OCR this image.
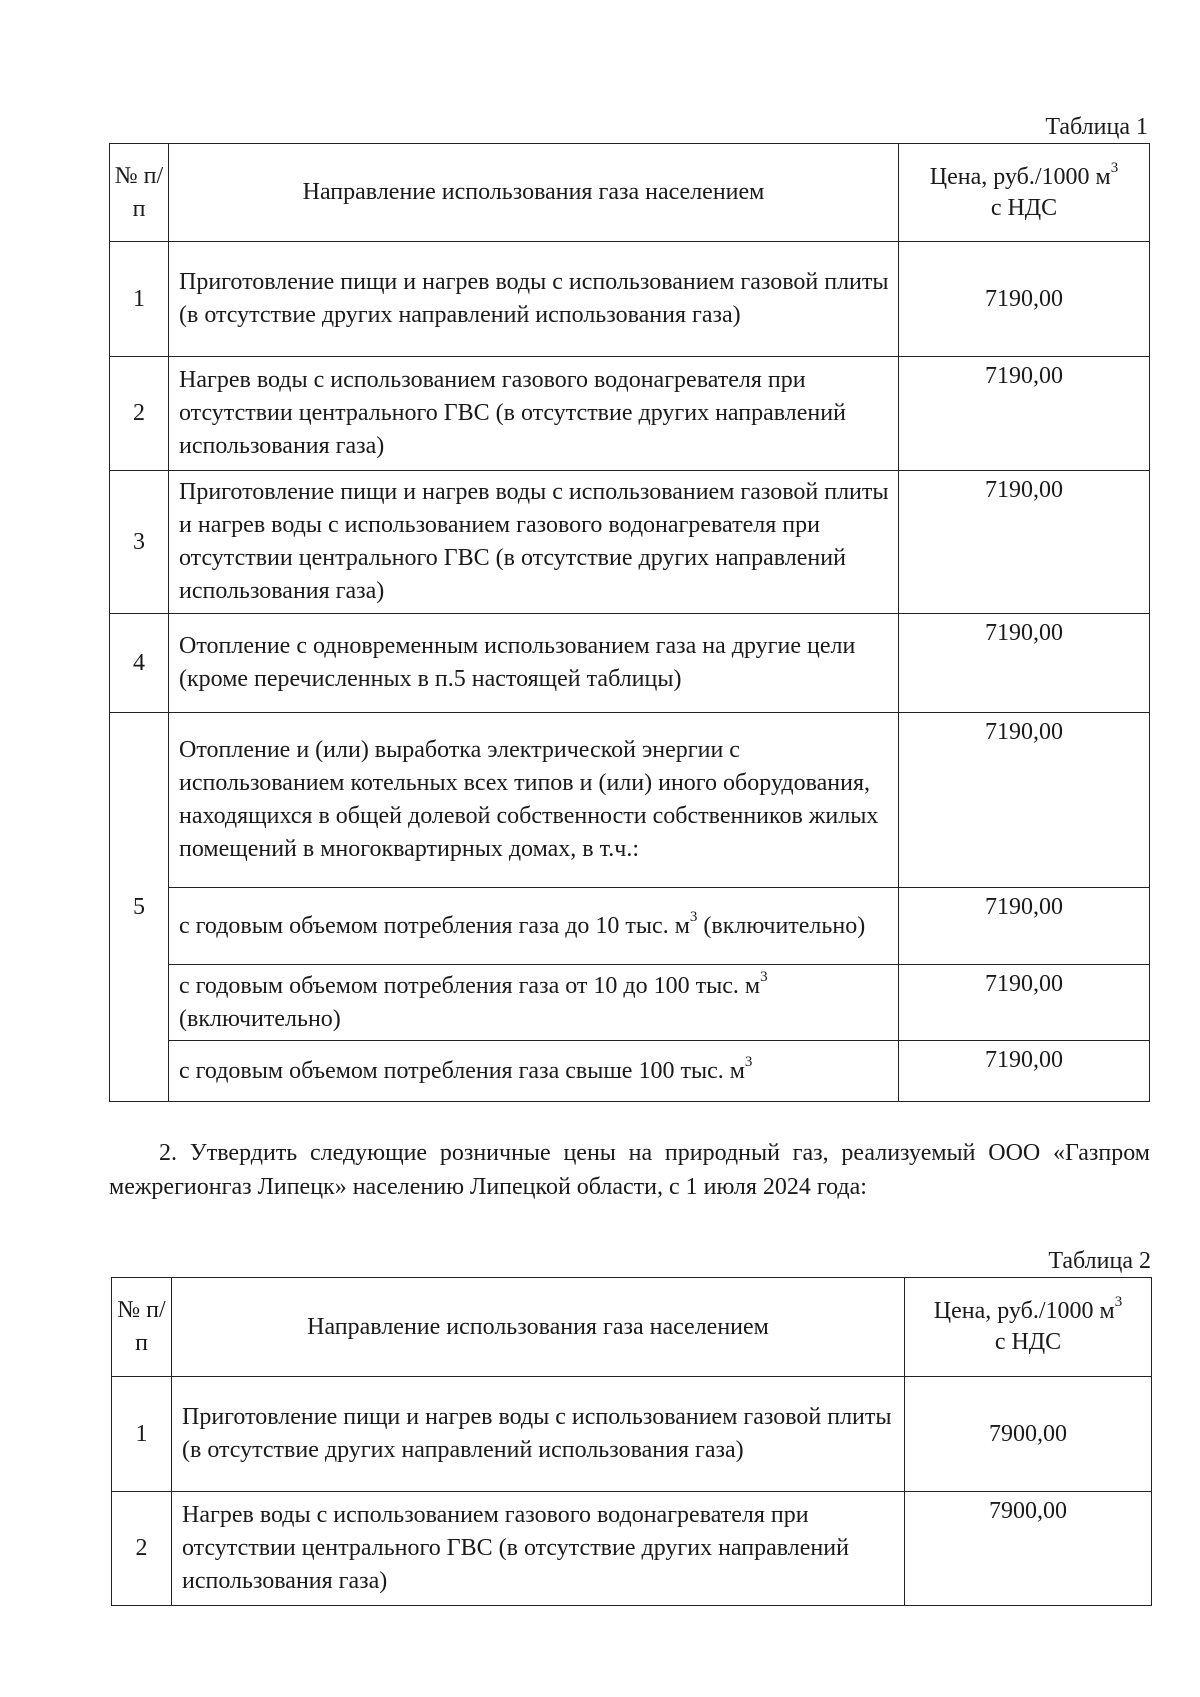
Таблица 1
№ п/п	Направление использования газа населением	Цена, руб./1000 $м^3$
с НДС

1	Приготовление пищи и нагрев воды с использованием газовой плиты (в отсутствие других направлений использования газа)	7190,00
2	Нагрев воды с использованием газового водонагревателя при отсутствии центрального ГВС (в отсутствие других направлений использования газа)	7190,00
3	Приготовление пищи и нагрев воды с использованием газовой плиты и нагрев воды с использованием газового водонагревателя при отсутствии центрального ГВС (в отсутствие других направлений использования газа)	7190,00
4	Отопление с одновременным использованием газа на другие цели (кроме перечисленных в п.5 настоящей таблицы)	7190,00
5	Отопление и (или) выработка электрической энергии с использованием котельных всех типов и (или) иного оборудования, находящихся в общей долевой собственности собственников жилых помещений в многоквартирных домах, в т.ч.:	7190,00
	с годовым объемом потребления газа до 10 тыс. $м^3$ (включительно)	7190,00
	с годовым объемом потребления газа от 10 до 100 тыс. $м^3$ (включительно)	7190,00
	с годовым объемом потребления газа свыше 100 тыс. $м^3$	7190,00
2. Утвердить следующие розничные цены на природный газ, реализуемый ООО «Газпром межрегионгаз Липецк» населению Липецкой области, с 1 июля 2024 года:
Таблица 2
№ п/п	Направление использования газа населением	Цена, руб./1000 $м^3$
с НДС

1	Приготовление пищи и нагрев воды с использованием газовой плиты (в отсутствие других направлений использования газа)	7900,00
2	Нагрев воды с использованием газового водонагревателя при отсутствии центрального ГВС (в отсутствие других направлений использования газа)	7900,00
